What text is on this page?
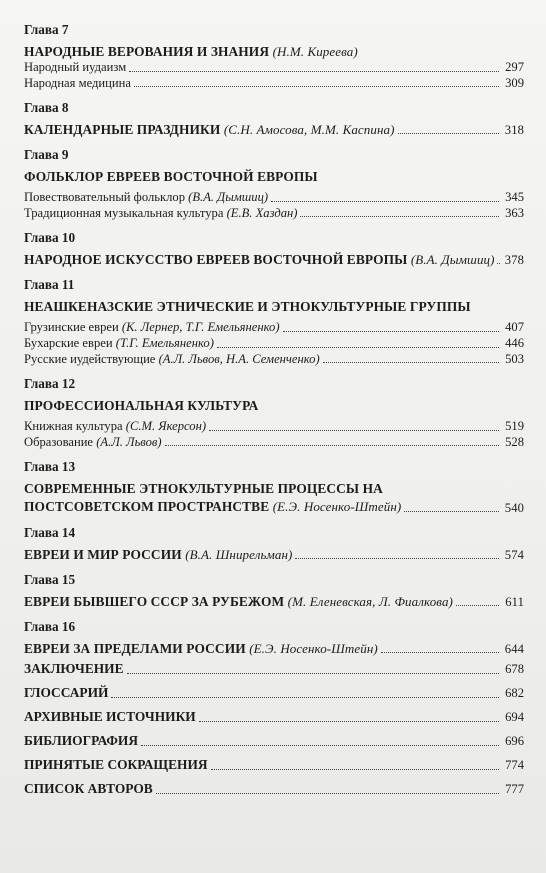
Глава 7
НАРОДНЫЕ ВЕРОВАНИЯ И ЗНАНИЯ (Н.М. Киреева)
Народный иудаизм	297
Народная медицина	309
Глава 8
КАЛЕНДАРНЫЕ ПРАЗДНИКИ (С.Н. Амосова, М.М. Каспина)	318
Глава 9
ФОЛЬКЛОР ЕВРЕЕВ ВОСТОЧНОЙ ЕВРОПЫ
Повествовательный фольклор (В.А. Дымшиц)	345
Традиционная музыкальная культура (Е.В. Хаздан)	363
Глава 10
НАРОДНОЕ ИСКУССТВО ЕВРЕЕВ ВОСТОЧНОЙ ЕВРОПЫ (В.А. Дымшиц) 378
Глава 11
НЕАШКЕНАЗСКИЕ ЭТНИЧЕСКИЕ И ЭТНОКУЛЬТУРНЫЕ ГРУППЫ
Грузинские евреи (К. Лернер, Т.Г. Емельяненко)	407
Бухарские евреи (Т.Г. Емельяненко)	446
Русские иудействующие (А.Л. Львов, Н.А. Семенченко)	503
Глава 12
ПРОФЕССИОНАЛЬНАЯ КУЛЬТУРА
Книжная культура (С.М. Якерсон)	519
Образование (А.Л. Львов)	528
Глава 13
СОВРЕМЕННЫЕ ЭТНОКУЛЬТУРНЫЕ ПРОЦЕССЫ НА
ПОСТСОВЕТСКОМ ПРОСТРАНСТВЕ (Е.Э. Носенко-Штейн)	540
Глава 14
ЕВРЕИ И МИР РОССИИ (В.А. Шнирельман)	574
Глава 15
ЕВРЕИ БЫВШЕГО СССР ЗА РУБЕЖОМ (М. Еленевская, Л. Фиалкова)	611
Глава 16
ЕВРЕИ ЗА ПРЕДЕЛАМИ РОССИИ (Е.Э. Носенко-Штейн)	644
ЗАКЛЮЧЕНИЕ	678
ГЛОССАРИЙ	682
АРХИВНЫЕ ИСТОЧНИКИ	694
БИБЛИОГРАФИЯ	696
ПРИНЯТЫЕ СОКРАЩЕНИЯ	774
СПИСОК АВТОРОВ	777
